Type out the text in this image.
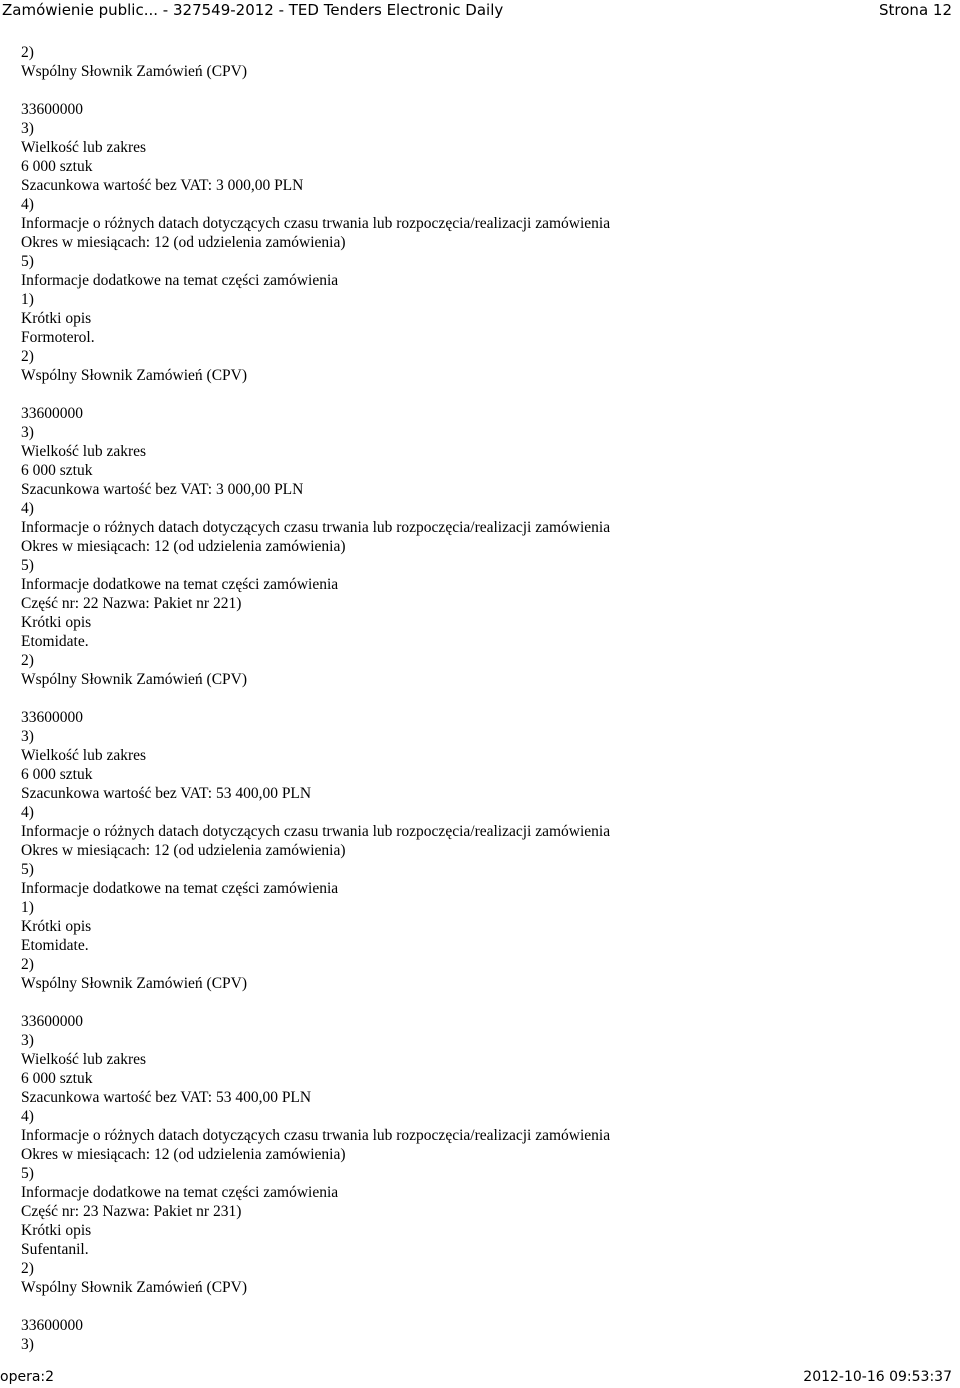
Zamówienie public... - 327549-2012 - TED Tenders Electronic Daily	Strona 12
2)
Wspólny Słownik Zamówień (CPV)
33600000
3)
Wielkość lub zakres
6 000 sztuk
Szacunkowa wartość bez VAT: 3 000,00 PLN
4)
Informacje o różnych datach dotyczących czasu trwania lub rozpoczęcia/realizacji zamówienia
Okres w miesiącach: 12 (od udzielenia zamówienia)
5)
Informacje dodatkowe na temat części zamówienia
1)
Krótki opis
Formoterol.
2)
Wspólny Słownik Zamówień (CPV)
33600000
3)
Wielkość lub zakres
6 000 sztuk
Szacunkowa wartość bez VAT: 3 000,00 PLN
4)
Informacje o różnych datach dotyczących czasu trwania lub rozpoczęcia/realizacji zamówienia
Okres w miesiącach: 12 (od udzielenia zamówienia)
5)
Informacje dodatkowe na temat części zamówienia
Część nr: 22 Nazwa: Pakiet nr 221)
Krótki opis
Etomidate.
2)
Wspólny Słownik Zamówień (CPV)
33600000
3)
Wielkość lub zakres
6 000 sztuk
Szacunkowa wartość bez VAT: 53 400,00 PLN
4)
Informacje o różnych datach dotyczących czasu trwania lub rozpoczęcia/realizacji zamówienia
Okres w miesiącach: 12 (od udzielenia zamówienia)
5)
Informacje dodatkowe na temat części zamówienia
1)
Krótki opis
Etomidate.
2)
Wspólny Słownik Zamówień (CPV)
33600000
3)
Wielkość lub zakres
6 000 sztuk
Szacunkowa wartość bez VAT: 53 400,00 PLN
4)
Informacje o różnych datach dotyczących czasu trwania lub rozpoczęcia/realizacji zamówienia
Okres w miesiącach: 12 (od udzielenia zamówienia)
5)
Informacje dodatkowe na temat części zamówienia
Część nr: 23 Nazwa: Pakiet nr 231)
Krótki opis
Sufentanil.
2)
Wspólny Słownik Zamówień (CPV)
33600000
3)
opera:2	2012-10-16 09:53:37
